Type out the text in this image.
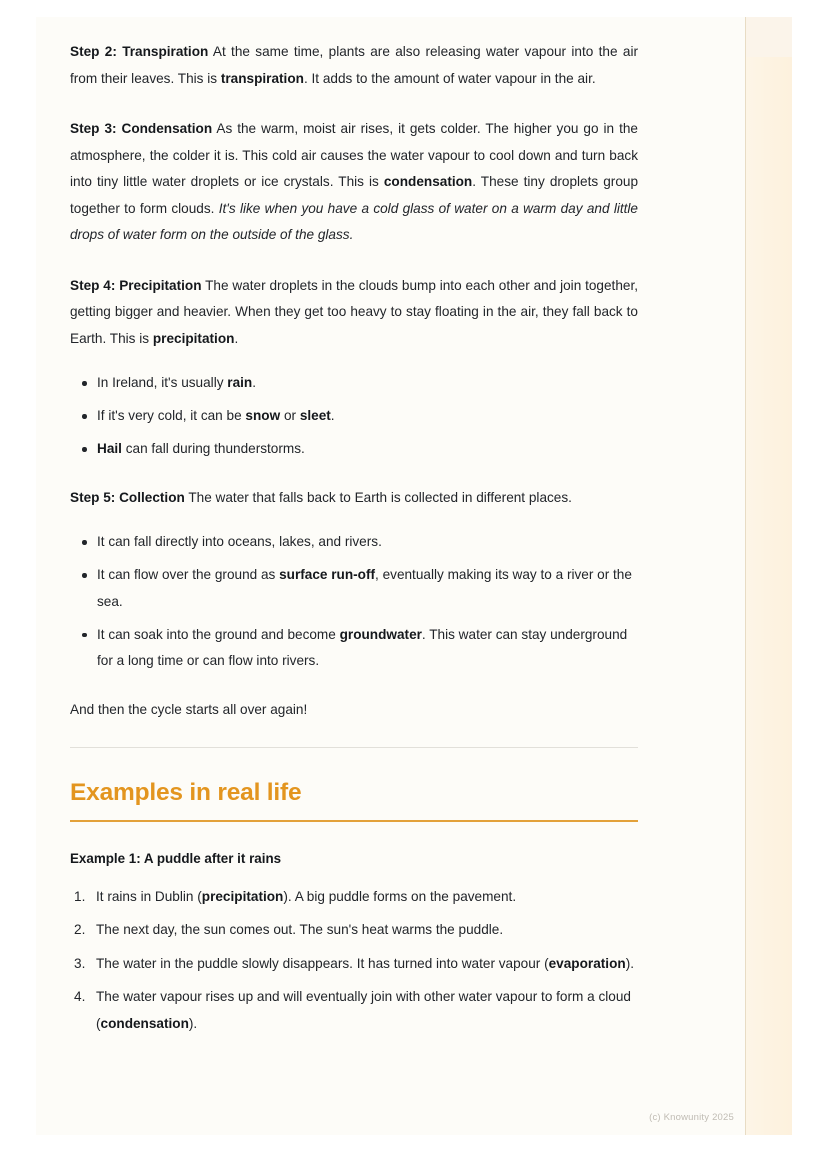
Step 2: Transpiration At the same time, plants are also releasing water vapour into the air from their leaves. This is transpiration. It adds to the amount of water vapour in the air.

Step 3: Condensation As the warm, moist air rises, it gets colder. The higher you go in the atmosphere, the colder it is. This cold air causes the water vapour to cool down and turn back into tiny little water droplets or ice crystals. This is condensation. These tiny droplets group together to form clouds. It's like when you have a cold glass of water on a warm day and little drops of water form on the outside of the glass.

Step 4: Precipitation The water droplets in the clouds bump into each other and join together, getting bigger and heavier. When they get too heavy to stay floating in the air, they fall back to Earth. This is precipitation.

In Ireland, it's usually rain.
If it's very cold, it can be snow or sleet.
Hail can fall during thunderstorms.

Step 5: Collection The water that falls back to Earth is collected in different places.

It can fall directly into oceans, lakes, and rivers.
It can flow over the ground as surface run-off, eventually making its way to a river or the sea.
It can soak into the ground and become groundwater. This water can stay underground for a long time or can flow into rivers.

And then the cycle starts all over again!

Examples in real life
Example 1: A puddle after it rains
It rains in Dublin (precipitation). A big puddle forms on the pavement.
The next day, the sun comes out. The sun's heat warms the puddle.
The water in the puddle slowly disappears. It has turned into water vapour (evaporation).
The water vapour rises up and will eventually join with other water vapour to form a cloud (condensation).
(c) Knowunity 2025
